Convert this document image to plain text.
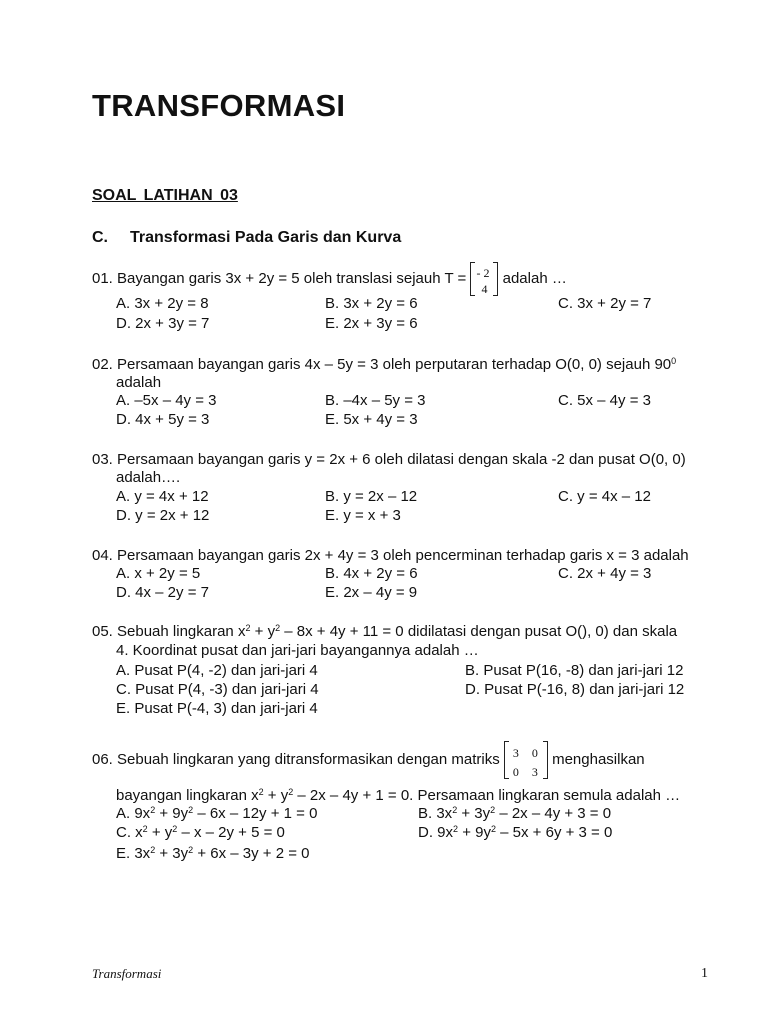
TRANSFORMASI
SOAL LATIHAN 03
C. Transformasi Pada Garis dan Kurva
01. Bayangan garis 3x + 2y = 5 oleh translasi sejauh T = - 2
4
adalah …
A. 3x + 2y = 8	B. 3x + 2y = 6	C. 3x + 2y = 7
D. 2x + 3y = 7	E. 2x + 3y = 6
02. Persamaan bayangan garis 4x – 5y = 3 oleh perputaran terhadap O(0, 0) sejauh $90^0$
adalah
A. –5x – 4y = 3	B. –4x – 5y = 3	C. 5x – 4y = 3
D. 4x + 5y = 3	E. 5x + 4y = 3
03. Persamaan bayangan garis y = 2x + 6 oleh dilatasi dengan skala -2 dan pusat O(0, 0)
adalah….
A. y = 4x + 12	B. y = 2x – 12	C. y = 4x – 12
D. y = 2x + 12	E. y = x + 3
04. Persamaan bayangan garis 2x + 4y = 3 oleh pencerminan terhadap garis x = 3 adalah
A. x + 2y = 5	B. 4x + 2y = 6	C. 2x + 4y = 3
D. 4x – 2y = 7	E. 2x – 4y = 9
05. Sebuah lingkaran $x^2 + y^2 - 8x + 4y + 11 = 0$ didilatasi dengan pusat O(), 0) dan skala
4. Koordinat pusat dan jari-jari bayangannya adalah …
A. Pusat P(4, -2) dan jari-jari 4	B. Pusat P(16, -8) dan jari-jari 12
C. Pusat P(4, -3) dan jari-jari 4	D. Pusat P(-16, 8) dan jari-jari 12
E. Pusat P(-4, 3) dan jari-jari 4
06. Sebuah lingkaran yang ditransformasikan dengan matriks 3 0
0 3
menghasilkan
bayangan lingkaran $x^2 + y^2 - 2x - 4y + 1 = 0$. Persamaan lingkaran semula adalah …
A. $9x^2 + 9y^2 - 6x - 12y + 1 = 0$	B. $3x^2 + 3y^2 - 2x - 4y + 3 = 0$
C. $x^2 + y^2 - x - 2y + 5 = 0$	D. $9x^2 + 9y^2 - 5x + 6y + 3 = 0$
E. $3x^2 + 3y^2 + 6x - 3y + 2 = 0$
Transformasi	1
